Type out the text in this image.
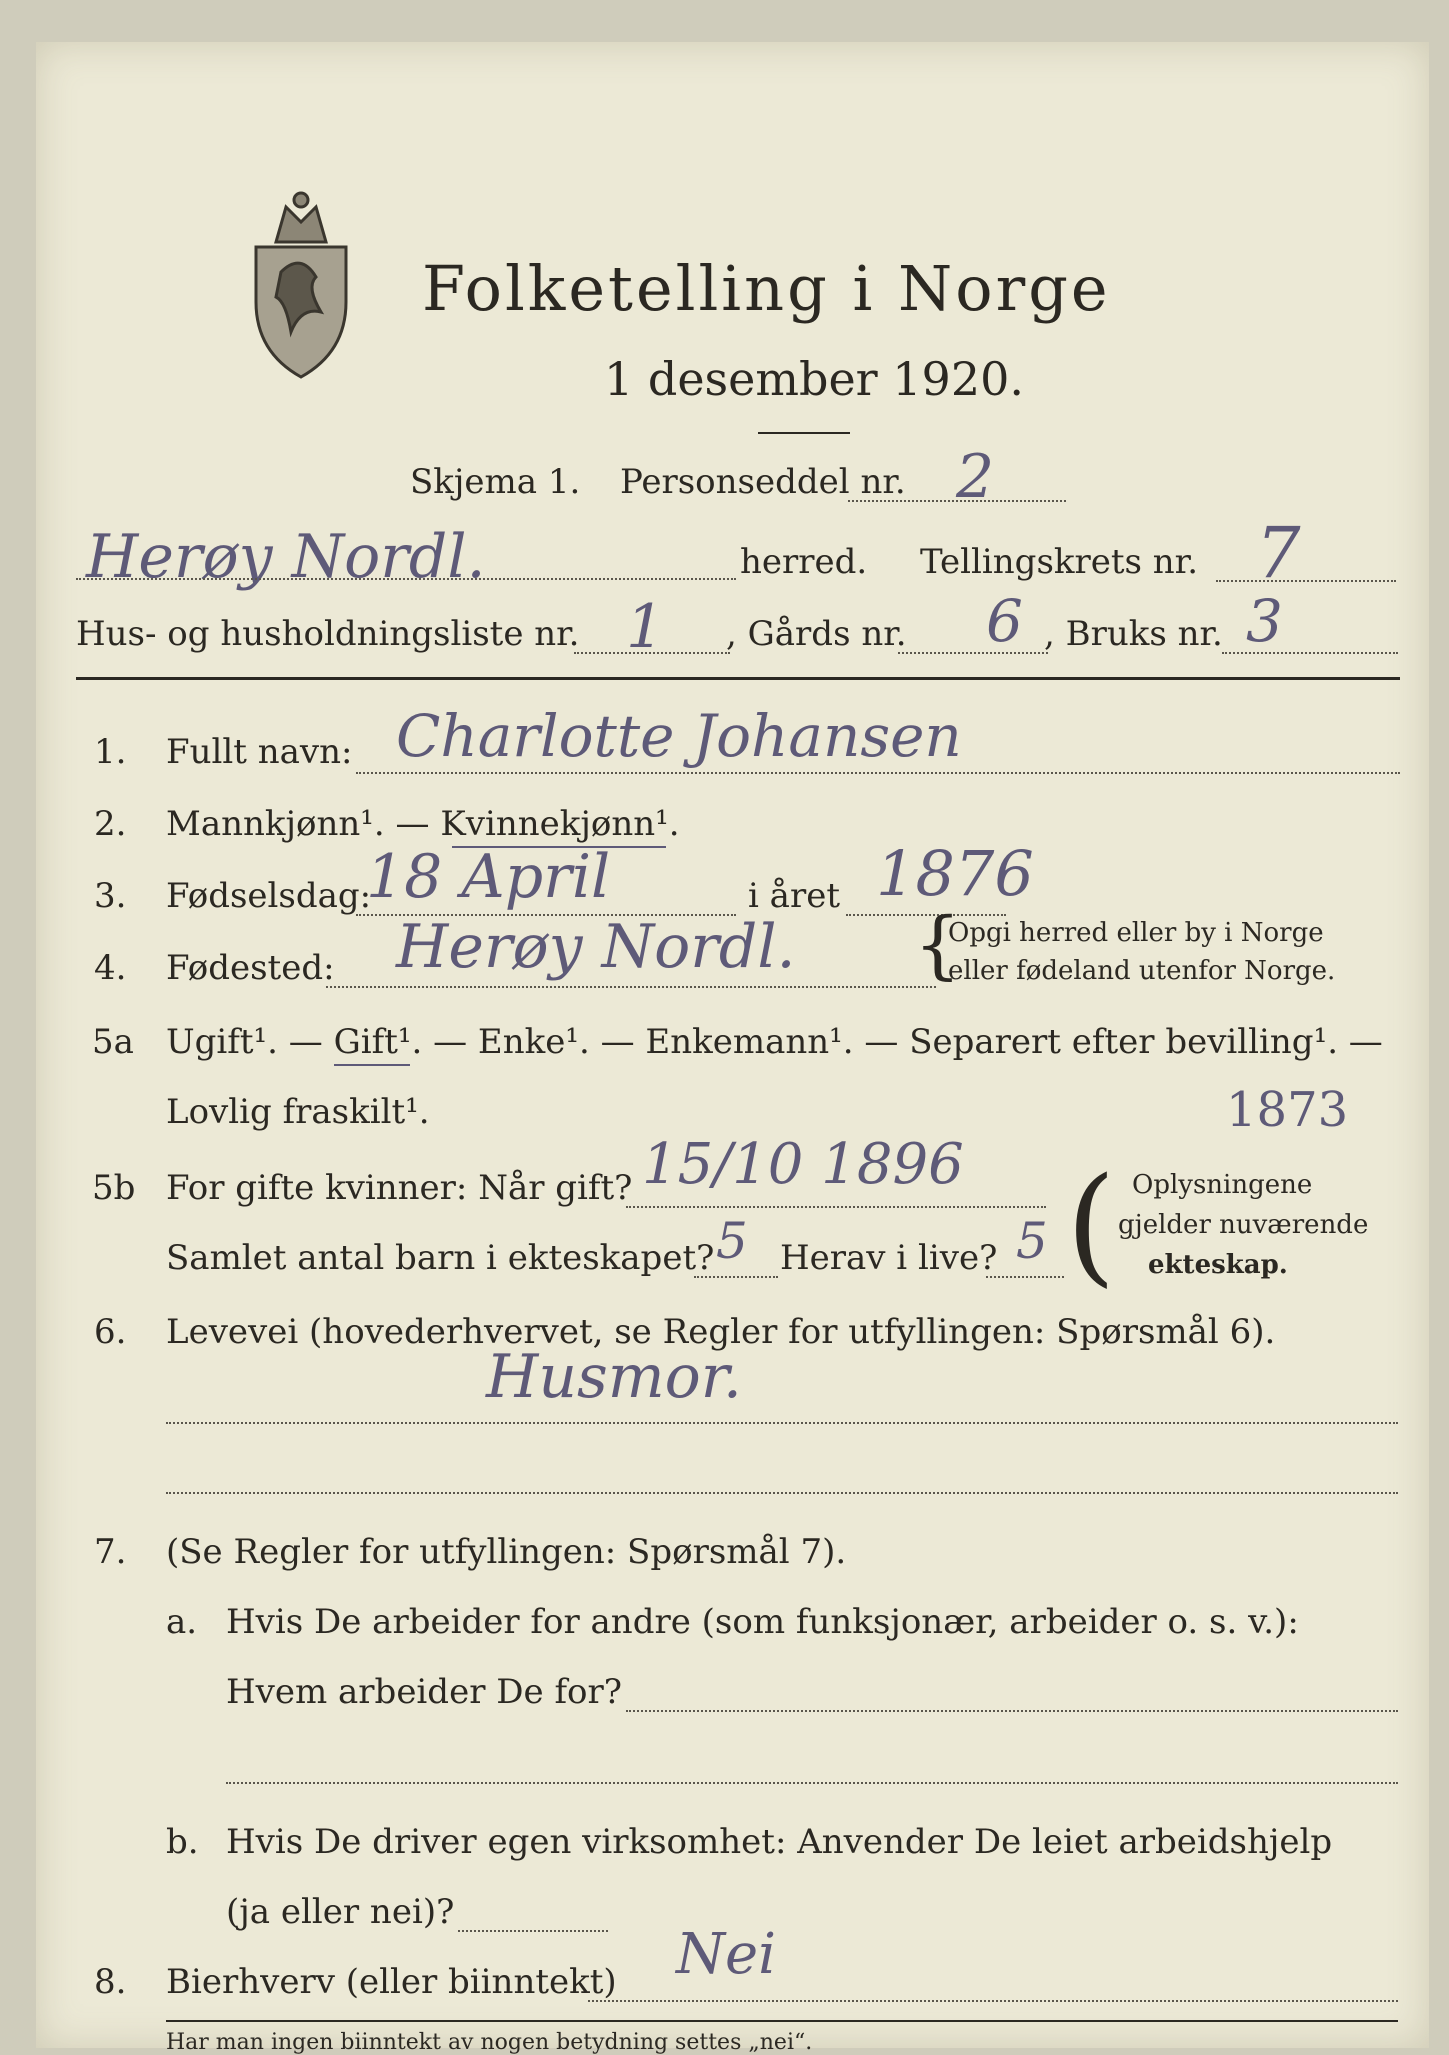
Folketelling i Norge
1 desember 1920.
Skjema 1. Personseddel nr. 2
Herøy Nordl.	herred. Tellingskrets nr. 7
Hus- og husholdningsliste nr. 1 , Gårds nr. 6 , Bruks nr. 3
1. Fullt navn: Charlotte Johansen
2. Mannkjønn¹. — Kvinnekjønn¹.
3. Fødselsdag:
18 April	i året 1876
4. Fødested: Herøy Nordl. {
Opgi herred eller by i Norge
eller fødeland utenfor Norge.
5a Ugift¹. — Gift¹. — Enke¹. — Enkemann¹. — Separert efter bevilling¹. —
Lovlig fraskilt¹.	1873
5b For gifte kvinner: Når gift? 15/10 1896
Samlet antal barn i ekteskapet? 5 Herav i live? 5 ( Oplysningene
gjelder nuværende
ekteskap.
6. Levevei (hovederhvervet, se Regler for utfyllingen: Spørsmål 6).
Husmor.
7. (Se Regler for utfyllingen: Spørsmål 7).
a. Hvis De arbeider for andre (som funksjonær, arbeider o. s. v.):
Hvem arbeider De for?
b. Hvis De driver egen virksomhet: Anvender De leiet arbeidshjelp
(ja eller nei)?
8. Bierhverv (eller biinntekt) Nei
Har man ingen biinntekt av nogen betydning settes „nei“.
